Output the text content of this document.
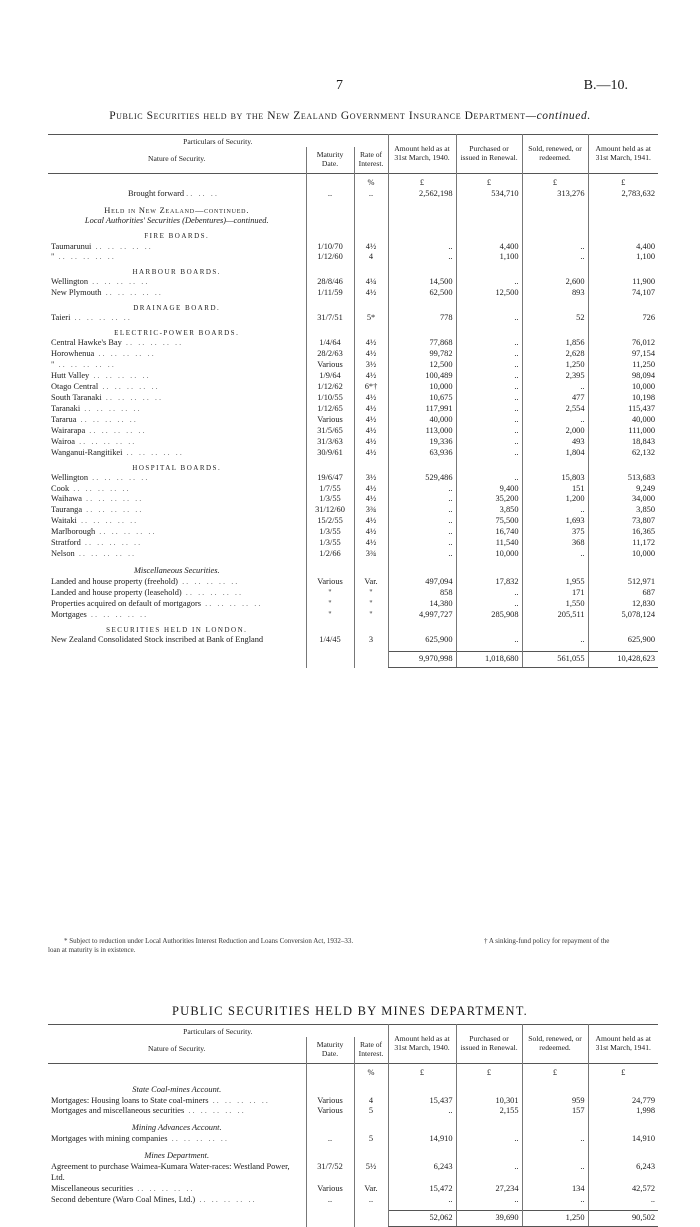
7	B.—10.
Public Securities held by the New Zealand Government Insurance Department—continued.
Particulars of Security.			Amount held as at 31st March, 1940.	Purchased or issued in Renewal.	Sold, renewed, or redeemed.	Amount held as at 31st March, 1941.
Nature of Security.	Maturity Date.	Rate of Interest.				
		%	£	£	£	£
Brought forward .. .. ..	..	..	2,562,198	534,710	313,276	2,783,632
Held in New Zealand—continued.						
Local Authorities' Securities (Debentures)—continued.						
FIRE BOARDS.						
Taumarunui .. .. .. .. ..	1/10/70	4½	..	4,400	..	4,400
" .. .. .. .. ..	1/12/60	4	..	1,100	..	1,100
HARBOUR BOARDS.						
Wellington .. .. .. .. ..	28/8/46	4¼	14,500	..	2,600	11,900
New Plymouth .. .. .. .. ..	1/11/59	4½	62,500	12,500	893	74,107
DRAINAGE BOARD.						
Taieri .. .. .. .. ..	31/7/51	5*	778	..	52	726
ELECTRIC-POWER BOARDS.						
Central Hawke's Bay .. .. .. .. ..	1/4/64	4½	77,868	..	1,856	76,012
Horowhenua .. .. .. .. ..	28/2/63	4½	99,782	..	2,628	97,154
" .. .. .. .. ..	Various	3½	12,500	..	1,250	11,250
Hutt Valley .. .. .. .. ..	1/9/64	4½	100,489	..	2,395	98,094
Otago Central .. .. .. .. ..	1/12/62	6*†	10,000	..	..	10,000
South Taranaki .. .. .. .. ..	1/10/55	4½	10,675	..	477	10,198
Taranaki .. .. .. .. ..	1/12/65	4½	117,991	..	2,554	115,437
Tararua .. .. .. .. ..	Various	4½	40,000	..	..	40,000
Wairarapa .. .. .. .. ..	31/5/65	4½	113,000	..	2,000	111,000
Wairoa .. .. .. .. ..	31/3/63	4½	19,336	..	493	18,843
Wanganui-Rangitikei .. .. .. .. ..	30/9/61	4½	63,936	..	1,804	62,132
HOSPITAL BOARDS.						
Wellington .. .. .. .. ..	19/6/47	3½	529,486	..	15,803	513,683
Cook .. .. .. .. ..	1/7/55	4½	..	9,400	151	9,249
Waihawa .. .. .. .. ..	1/3/55	4½	..	35,200	1,200	34,000
Tauranga .. .. .. .. ..	31/12/60	3¾	..	3,850	..	3,850
Waitaki .. .. .. .. ..	15/2/55	4½	..	75,500	1,693	73,807
Marlborough .. .. .. .. ..	1/3/55	4½	..	16,740	375	16,365
Stratford .. .. .. .. ..	1/3/55	4½	..	11,540	368	11,172
Nelson .. .. .. .. ..	1/2/66	3¾	..	10,000	..	10,000
Miscellaneous Securities.						
Landed and house property (freehold) .. .. .. .. ..	Various	Var.	497,094	17,832	1,955	512,971
Landed and house property (leasehold) .. .. .. .. ..	"	"	858	..	171	687
Properties acquired on default of mortgagors .. .. .. .. ..	"	"	14,380	..	1,550	12,830
Mortgages .. .. .. .. ..	"	"	4,997,727	285,908	205,511	5,078,124
SECURITIES HELD IN LONDON.						
New Zealand Consolidated Stock inscribed at Bank of England	1/4/45	3	625,900	..	..	625,900

			9,970,998	1,018,680	561,055	10,428,623
* Subject to reduction under Local Authorities Interest Reduction and Loans Conversion Act, 1932–33.	† A sinking-fund policy for repayment of the
loan at maturity is in existence.
PUBLIC SECURITIES HELD BY MINES DEPARTMENT.
Particulars of Security.			Amount held as at 31st March, 1940.	Purchased or issued in Renewal.	Sold, renewed, or redeemed.	Amount held as at 31st March, 1941.
Nature of Security.	Maturity Date.	Rate of Interest.				
		%	£	£	£	£
State Coal-mines Account.						
Mortgages: Housing loans to State coal-miners .. .. .. .. ..	Various	4	15,437	10,301	959	24,779
Mortgages and miscellaneous securities .. .. .. .. ..	Various	5	..	2,155	157	1,998
Mining Advances Account.						
Mortgages with mining companies .. .. .. .. ..	..	5	14,910	..	..	14,910
Mines Department.						
Agreement to purchase Waimea-Kumara Water-races: Westland Power, Ltd.	31/7/52	5½	6,243	..	..	6,243
Miscellaneous securities .. .. .. .. ..	Various	Var.	15,472	27,234	134	42,572
Second debenture (Waro Coal Mines, Ltd.) .. .. .. .. ..	..	..	..	..	..	..

			52,062	39,690	1,250	90,502
